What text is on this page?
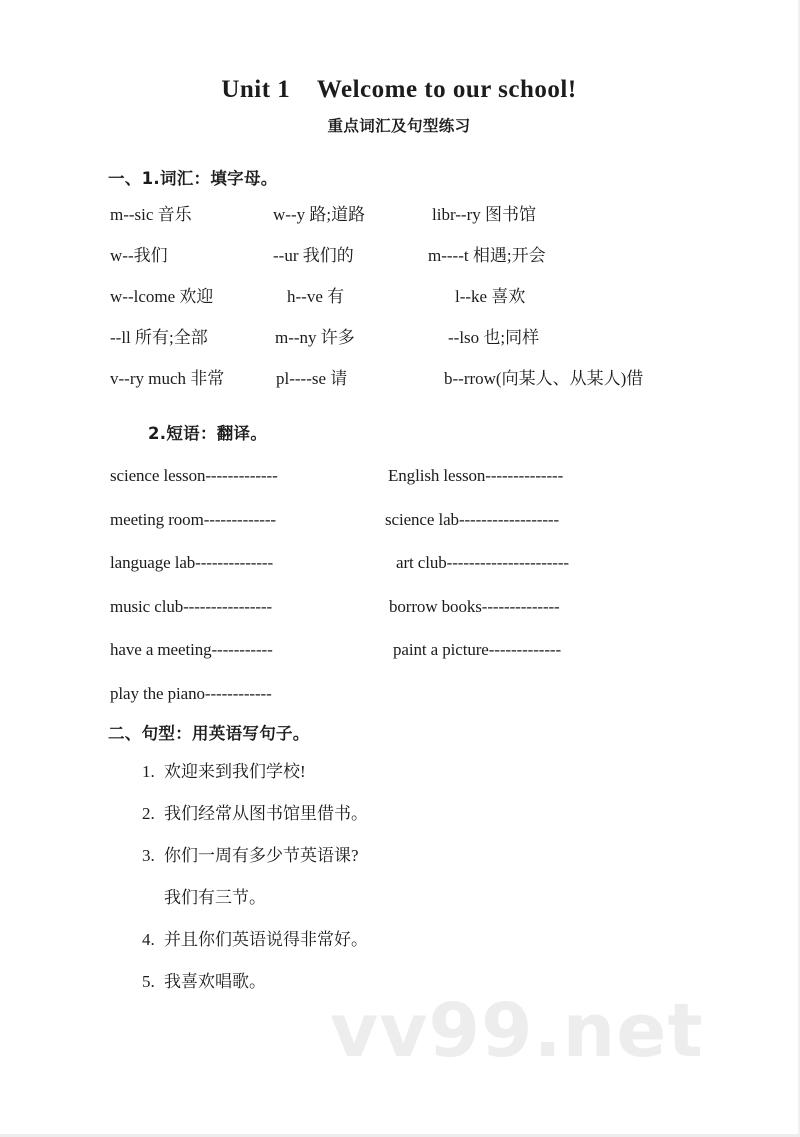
vv99.net
Unit 1    Welcome to our school!
重点词汇及句型练习
一、1.词汇：填字母。
m--sic 音乐	w--y 路;道路	libr--ry 图书馆
w--我们	--ur 我们的	m----t 相遇;开会
w--lcome 欢迎	h--ve 有	l--ke 喜欢
--ll 所有;全部	m--ny 许多	--lso 也;同样
v--ry much 非常	pl----se 请	b--rrow(向某人、从某人)借
2.短语：翻译。
science lesson-------------	English lesson--------------
meeting room-------------	science lab------------------
language lab--------------	art club----------------------
music club----------------	borrow books--------------
have a meeting-----------	paint a picture-------------
play the piano------------
二、句型：用英语写句子。
1. 欢迎来到我们学校!
2. 我们经常从图书馆里借书。
3. 你们一周有多少节英语课?
我们有三节。
4. 并且你们英语说得非常好。
5. 我喜欢唱歌。
